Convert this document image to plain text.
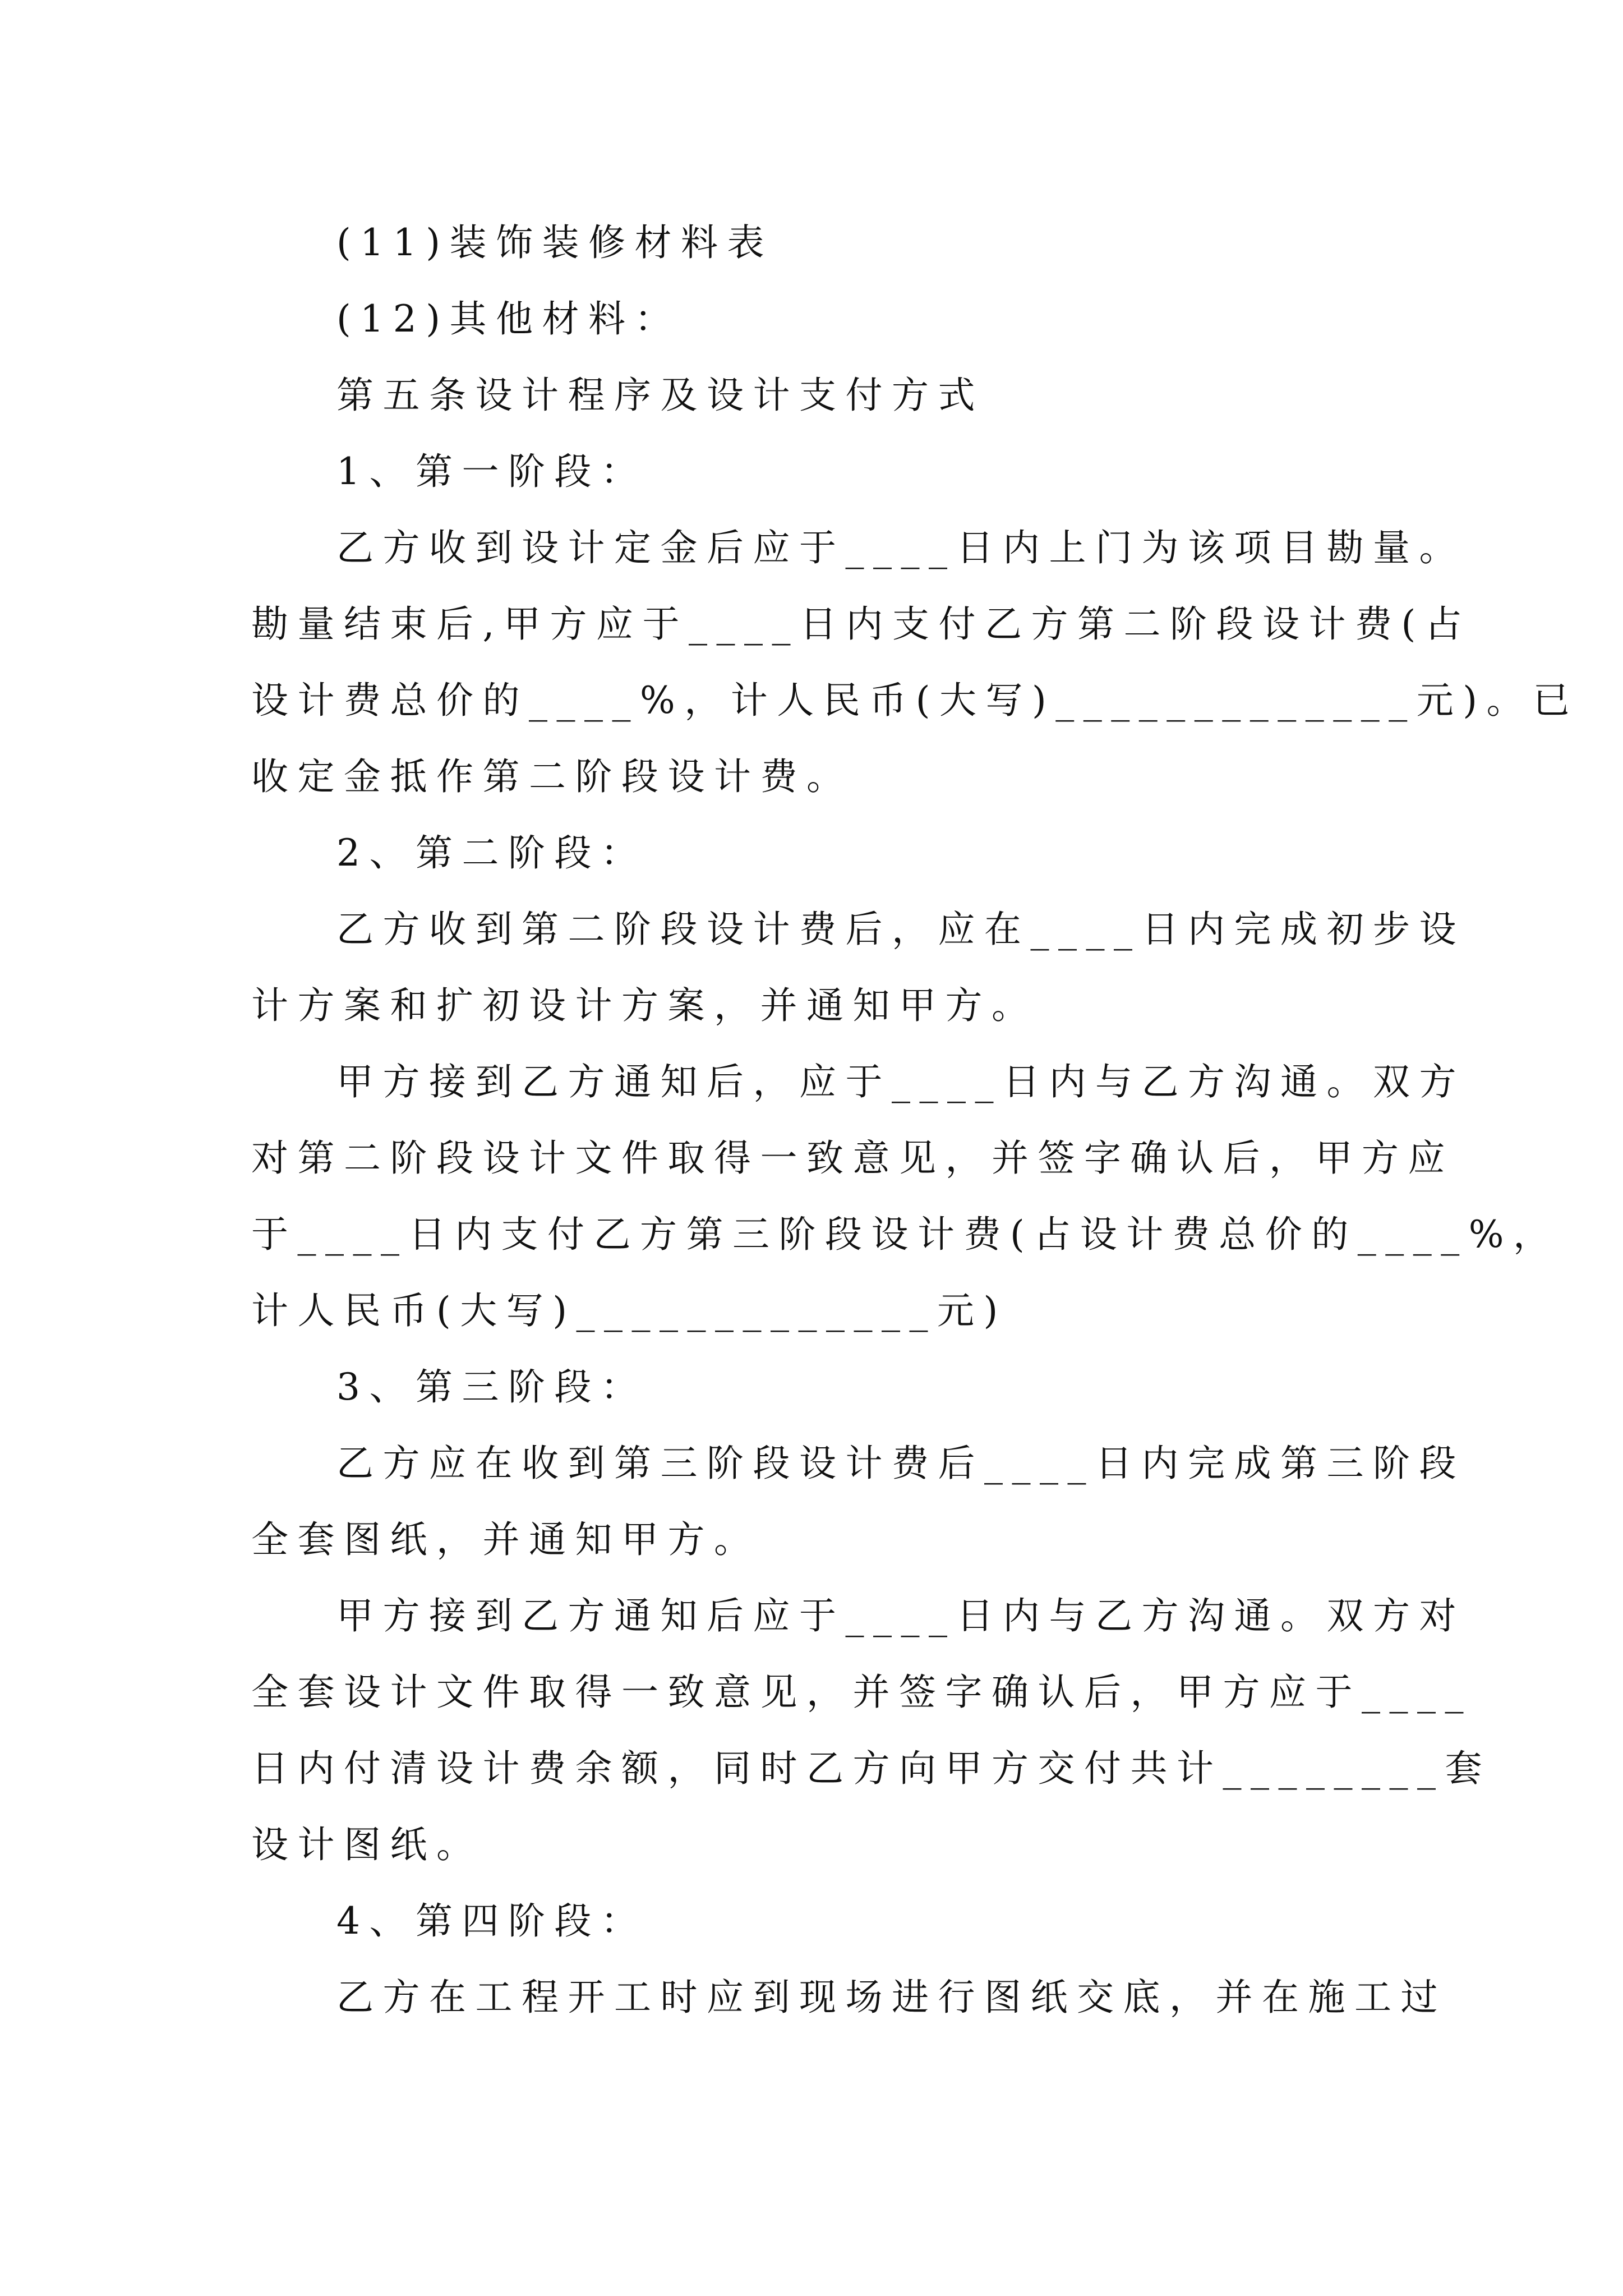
(11)装饰装修材料表
(12)其他材料：
第五条设计程序及设计支付方式
1、第一阶段：
乙方收到设计定金后应于____日内上门为该项目勘量。
勘量结束后,甲方应于____日内支付乙方第二阶段设计费(占
设计费总价的____%，计人民币(大写)_____________元)。已
收定金抵作第二阶段设计费。
2、第二阶段：
乙方收到第二阶段设计费后，应在____日内完成初步设
计方案和扩初设计方案，并通知甲方。
甲方接到乙方通知后，应于____日内与乙方沟通。双方
对第二阶段设计文件取得一致意见，并签字确认后，甲方应
于____日内支付乙方第三阶段设计费(占设计费总价的____%，
计人民币(大写)_____________元)
3、第三阶段：
乙方应在收到第三阶段设计费后____日内完成第三阶段
全套图纸，并通知甲方。
甲方接到乙方通知后应于____日内与乙方沟通。双方对
全套设计文件取得一致意见，并签字确认后，甲方应于____
日内付清设计费余额，同时乙方向甲方交付共计________套
设计图纸。
4、第四阶段：
乙方在工程开工时应到现场进行图纸交底，并在施工过
